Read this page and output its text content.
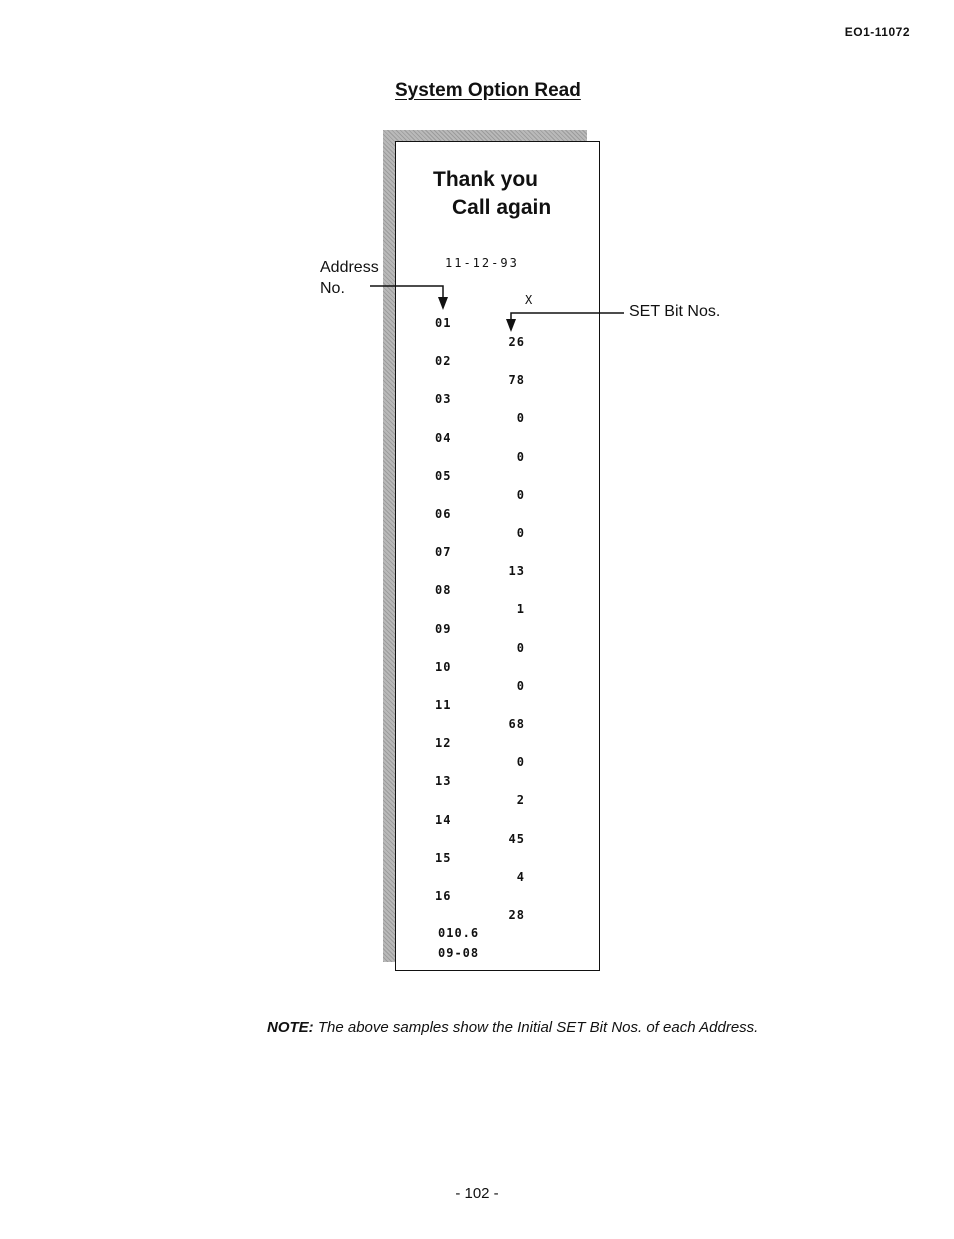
EO1-11072
System Option Read
Thank you
Call again
11-12-93
X
01
26
02
78
03
0
04
0
05
0
06
0
07
13
08
1
09
0
10
0
11
68
12
0
13
2
14
45
15
4
16
28
010.6
09-08
Address
No.
SET Bit Nos.
NOTE: The above samples show the Initial SET Bit Nos. of each Address.
- 102 -
